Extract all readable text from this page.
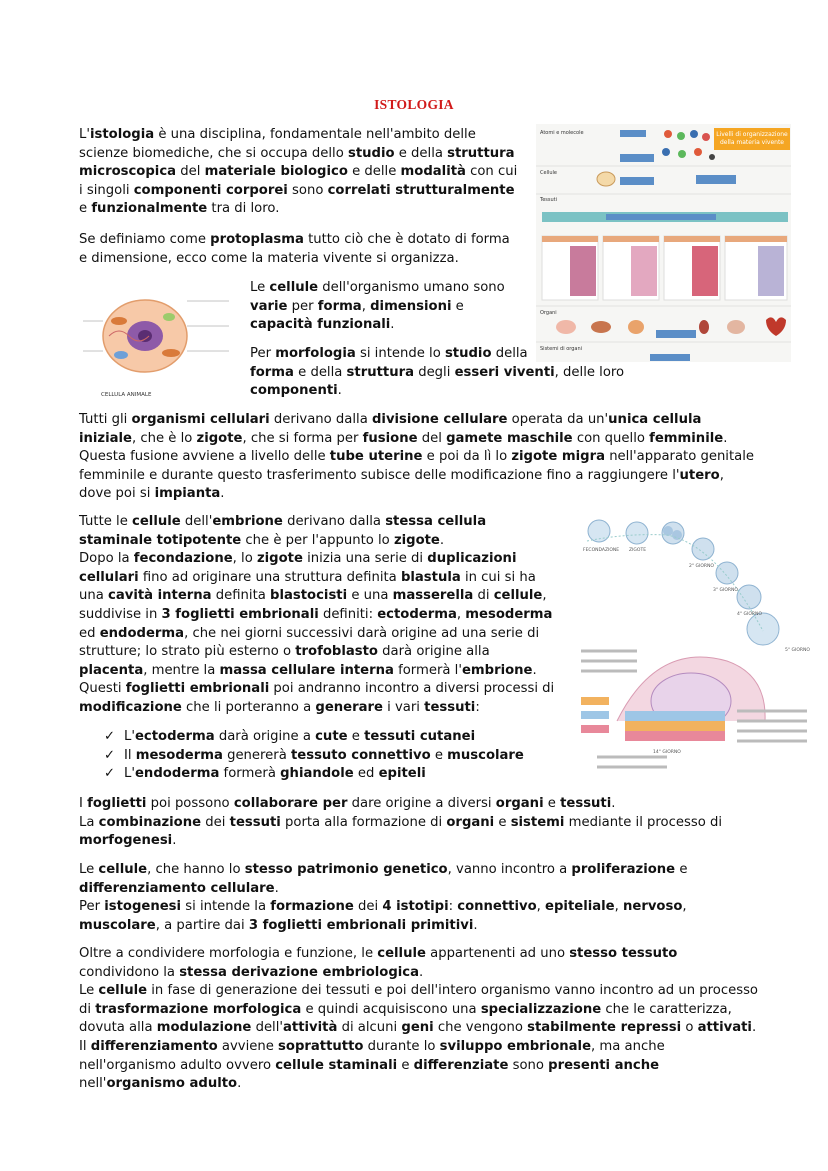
ISTOLOGIA
L'istologia è una disciplina, fondamentale nell'ambito delle scienze biomediche, che si occupa dello studio e della struttura microscopica del materiale biologico e delle modalità con cui i singoli componenti corporei sono correlati strutturalmente e funzionalmente tra di loro.
Se definiamo come protoplasma tutto ciò che è dotato di forma e dimensione, ecco come la materia vivente si organizza.
Livelli di organizzazione
della materia vivente
Atomi e molecole
Cellule
Tessuti
Organi
Sistemi di organi
CELLULA ANIMALE
Le cellule dell'organismo umano sono varie per forma, dimensioni e capacità funzionali.
Per morfologia si intende lo studio della
forma e della struttura degli esseri viventi, delle loro componenti.
Tutti gli organismi cellulari derivano dalla divisione cellulare operata da un'unica cellula iniziale, che è lo zigote, che si forma per fusione del gamete maschile con quello femminile.
Questa fusione avviene a livello delle tube uterine e poi da lì lo zigote migra nell'apparato genitale femminile e durante questo trasferimento subisce delle modificazione fino a raggiungere l'utero, dove poi si impianta.
Tutte le cellule dell'embrione derivano dalla stessa cellula staminale totipotente che è per l'appunto lo zigote.
Dopo la fecondazione, lo zigote inizia una serie di duplicazioni cellulari fino ad originare una struttura definita blastula in cui si ha una cavità interna definita blastocisti e una masserella di cellule, suddivise in 3 foglietti embrionali definiti: ectoderma, mesoderma ed endoderma, che nei giorni successivi darà origine ad una serie di strutture; lo strato più esterno o trofoblasto darà origine alla placenta, mentre la massa cellulare interna formerà l'embrione.
Questi foglietti embrionali poi andranno incontro a diversi processi di modificazione che li porteranno a generare i vari tessuti:
FECONDAZIONE ZIGOTE
2° GIORNO
3° GIORNO
4° GIORNO
5° GIORNO
14° GIORNO
✓ L'ectoderma darà origine a cute e tessuti cutanei
✓ Il mesoderma genererà tessuto connettivo e muscolare
✓ L'endoderma formerà ghiandole ed epiteli
I foglietti poi possono collaborare per dare origine a diversi organi e tessuti.
La combinazione dei tessuti porta alla formazione di organi e sistemi mediante il processo di morfogenesi.
Le cellule, che hanno lo stesso patrimonio genetico, vanno incontro a proliferazione e differenziamento cellulare.
Per istogenesi si intende la formazione dei 4 istotipi: connettivo, epiteliale, nervoso, muscolare, a partire dai 3 foglietti embrionali primitivi.
Oltre a condividere morfologia e funzione, le cellule appartenenti ad uno stesso tessuto condividono la stessa derivazione embriologica.
Le cellule in fase di generazione dei tessuti e poi dell'intero organismo vanno incontro ad un processo di trasformazione morfologica e quindi acquisiscono una specializzazione che le caratterizza, dovuta alla modulazione dell'attività di alcuni geni che vengono stabilmente repressi o attivati.
Il differenziamento avviene soprattutto durante lo sviluppo embrionale, ma anche nell'organismo adulto ovvero cellule staminali e differenziate sono presenti anche nell'organismo adulto.
